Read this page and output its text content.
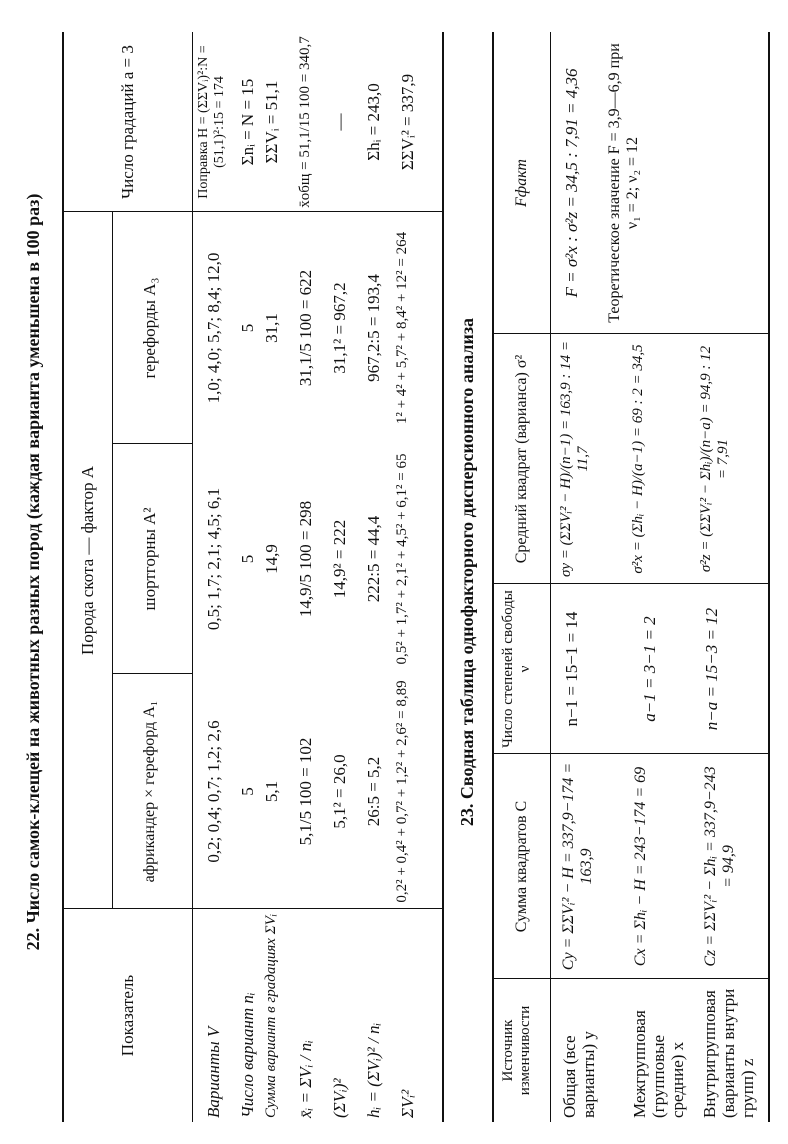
22. Число самок-клещей на животных разных пород (каждая варианта уменьшена в 100 раз)
Показатель
Порода скота — фактор A
Число градаций a = 3
африкандер × герефорд A₁
шортгорны A²
герефорды A₃
Варианты V Число вариант nᵢ Сумма вариант в градациях ΣVᵢ x̄ᵢ = ΣVᵢ / nᵢ (ΣVᵢ)² hᵢ = (ΣVᵢ)² / nᵢ ΣVᵢ²
0,2; 0,4; 0,7; 1,2; 2,6 5 5,1 5,1/5 100 = 102 5,1² = 26,0 26:5 = 5,2 0,2² + 0,4² + 0,7² + 1,2² + 2,6² = 8,89
0,5; 1,7; 2,1; 4,5; 6,1 5 14,9 14,9/5 100 = 298 14,9² = 222 222:5 = 44,4 0,5² + 1,7² + 2,1² + 4,5² + 6,1² = 65
1,0; 4,0; 5,7; 8,4; 12,0 5 31,1 31,1/5 100 = 622 31,1² = 967,2 967,2:5 = 193,4 1² + 4² + 5,7² + 8,4² + 12² = 264
Поправка H = (ΣΣVᵢ)²:N = (51,1)²:15 = 174 Σnᵢ = N = 15 ΣΣVᵢ = 51,1 x̄общ = 51,1/15 100 = 340,7 — Σhᵢ = 243,0 ΣΣVᵢ² = 337,9
23. Сводная таблица однофакторного дисперсионного анализа
Источник изменчивости
Сумма квадратов C
Число степеней свободы ν
Средний квадрат (варианса) σ²
Fфакт
Общая (все варианты) y
Cy = ΣΣVᵢ² − H = 337,9−174 = 163,9
n−1 = 15−1 = 14
σy = (ΣΣVᵢ² − H)/(n−1) = 163,9 : 14 = 11,7
F = σ²x : σ²z = 34,5 : 7,91 = 4,36
Межгрупповая (групповые средние) x
Cx = Σhᵢ − H = 243−174 = 69
a−1 = 3−1 = 2
σ²x = (Σhᵢ − H)/(a−1) = 69 : 2 = 34,5
Теоретическое значение F = 3,9—6,9 при ν₁ = 2; ν₂ = 12
Внутригрупповая (варианты внутри групп) z
Cz = ΣΣVᵢ² − Σhᵢ = 337,9−243 = 94,9
n−a = 15−3 = 12
σ²z = (ΣΣVᵢ² − Σhᵢ)/(n−a) = 94,9 : 12 = 7,91
